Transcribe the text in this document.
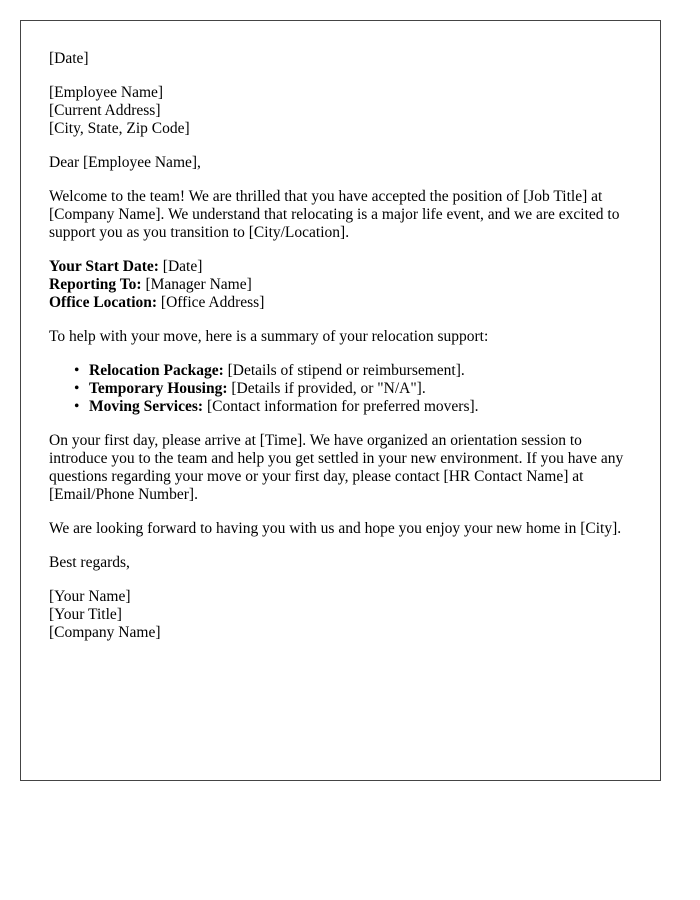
[Date]

[Employee Name]
[Current Address]
[City, State, Zip Code]

Dear [Employee Name],

Welcome to the team! We are thrilled that you have accepted the position of [Job Title] at [Company Name]. We understand that relocating is a major life event, and we are excited to support you as you transition to [City/Location].

Your Start Date: [Date]
Reporting To: [Manager Name]
Office Location: [Office Address]

To help with your move, here is a summary of your relocation support:

• Relocation Package: [Details of stipend or reimbursement].
• Temporary Housing: [Details if provided, or "N/A"].
• Moving Services: [Contact information for preferred movers].

On your first day, please arrive at [Time]. We have organized an orientation session to introduce you to the team and help you get settled in your new environment. If you have any questions regarding your move or your first day, please contact [HR Contact Name] at [Email/Phone Number].

We are looking forward to having you with us and hope you enjoy your new home in [City].

Best regards,

[Your Name]
[Your Title]
[Company Name]
